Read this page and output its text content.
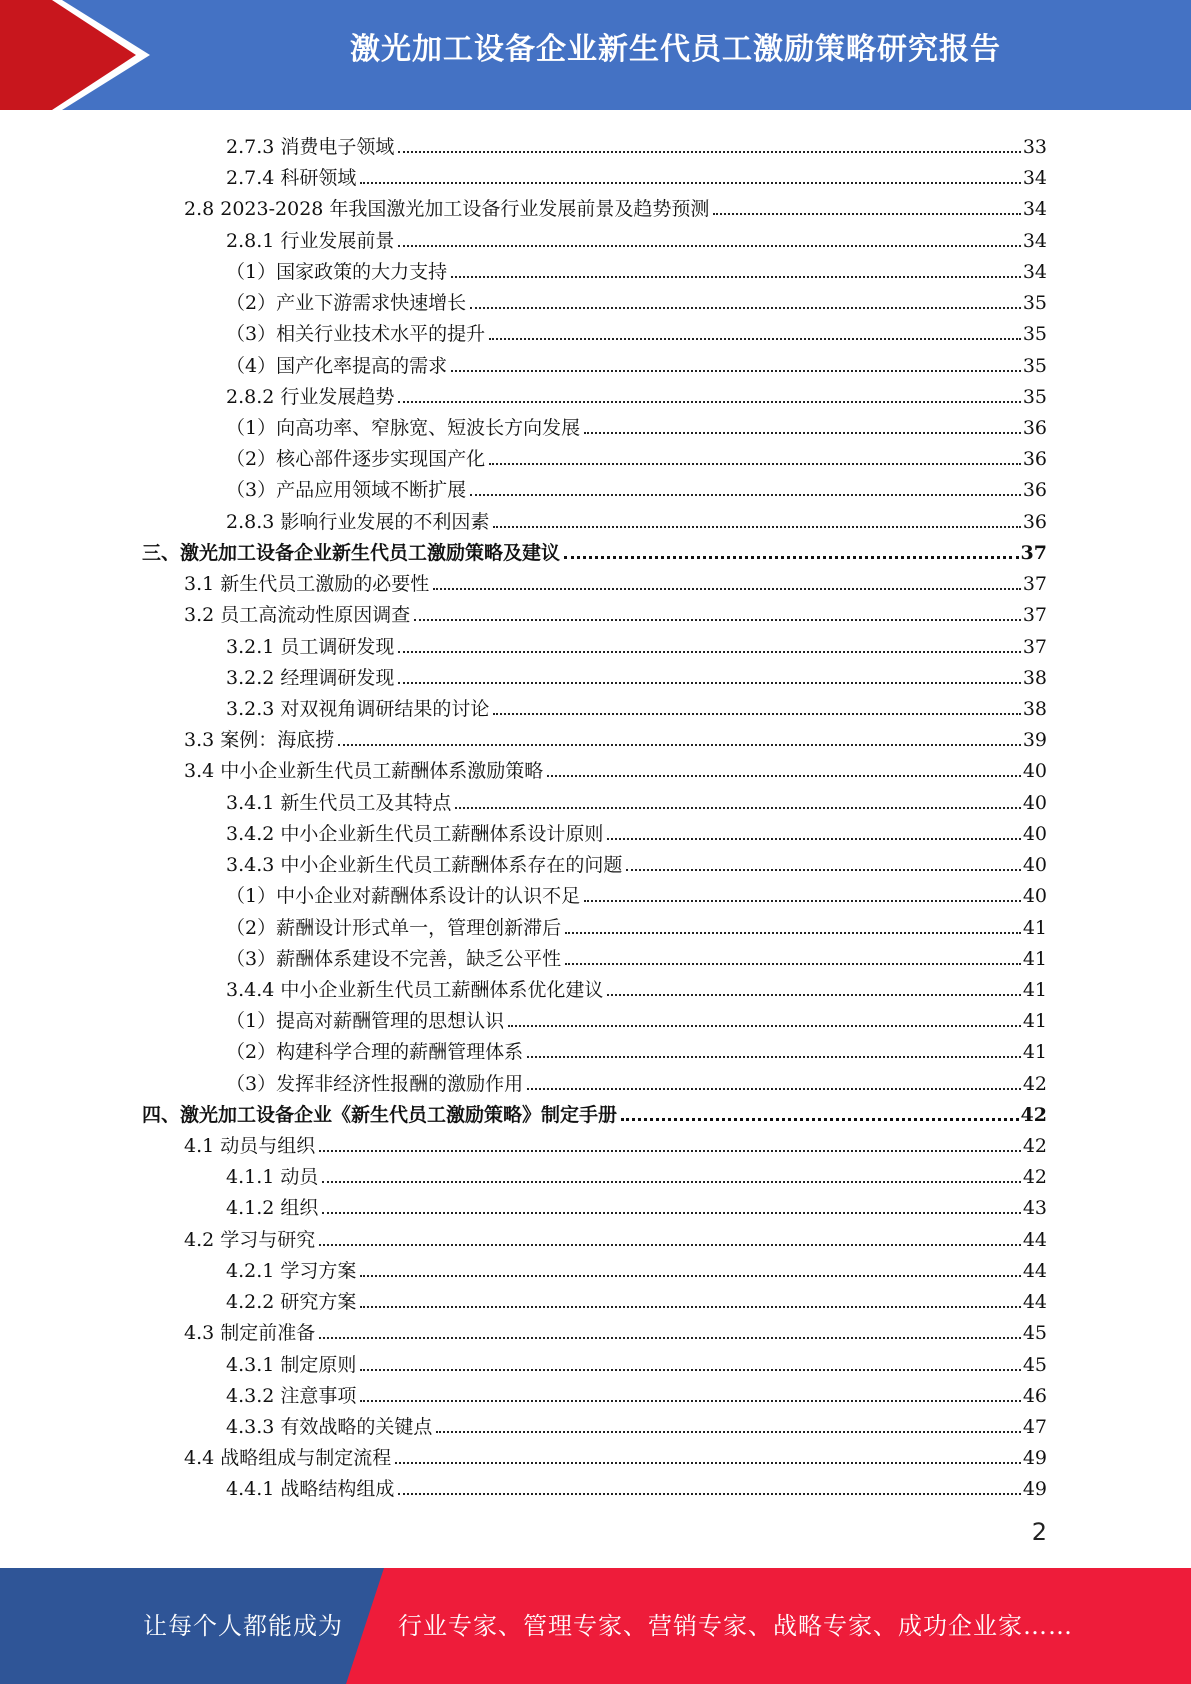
激光加工设备企业新生代员工激励策略研究报告
2.7.3 消费电子领域	33
2.7.4 科研领域	34
2.8 2023-2028 年我国激光加工设备行业发展前景及趋势预测	34
2.8.1 行业发展前景	34
（1）国家政策的大力支持	34
（2）产业下游需求快速增长	35
（3）相关行业技术水平的提升	35
（4）国产化率提高的需求	35
2.8.2 行业发展趋势	35
（1）向高功率、窄脉宽、短波长方向发展	36
（2）核心部件逐步实现国产化	36
（3）产品应用领域不断扩展	36
2.8.3 影响行业发展的不利因素	36
三、激光加工设备企业新生代员工激励策略及建议	37
3.1 新生代员工激励的必要性	37
3.2 员工高流动性原因调查	37
3.2.1 员工调研发现	37
3.2.2 经理调研发现	38
3.2.3 对双视角调研结果的讨论	38
3.3 案例：海底捞	39
3.4 中小企业新生代员工薪酬体系激励策略	40
3.4.1 新生代员工及其特点	40
3.4.2 中小企业新生代员工薪酬体系设计原则	40
3.4.3 中小企业新生代员工薪酬体系存在的问题	40
（1）中小企业对薪酬体系设计的认识不足	40
（2）薪酬设计形式单一，管理创新滞后	41
（3）薪酬体系建设不完善，缺乏公平性	41
3.4.4 中小企业新生代员工薪酬体系优化建议	41
（1）提高对薪酬管理的思想认识	41
（2）构建科学合理的薪酬管理体系	41
（3）发挥非经济性报酬的激励作用	42
四、激光加工设备企业《新生代员工激励策略》制定手册	42
4.1 动员与组织	42
4.1.1 动员	42
4.1.2 组织	43
4.2 学习与研究	44
4.2.1 学习方案	44
4.2.2 研究方案	44
4.3 制定前准备	45
4.3.1 制定原则	45
4.3.2 注意事项	46
4.3.3 有效战略的关键点	47
4.4 战略组成与制定流程	49
4.4.1 战略结构组成	49
2
让每个人都能成为 行业专家、管理专家、营销专家、战略专家、成功企业家……
